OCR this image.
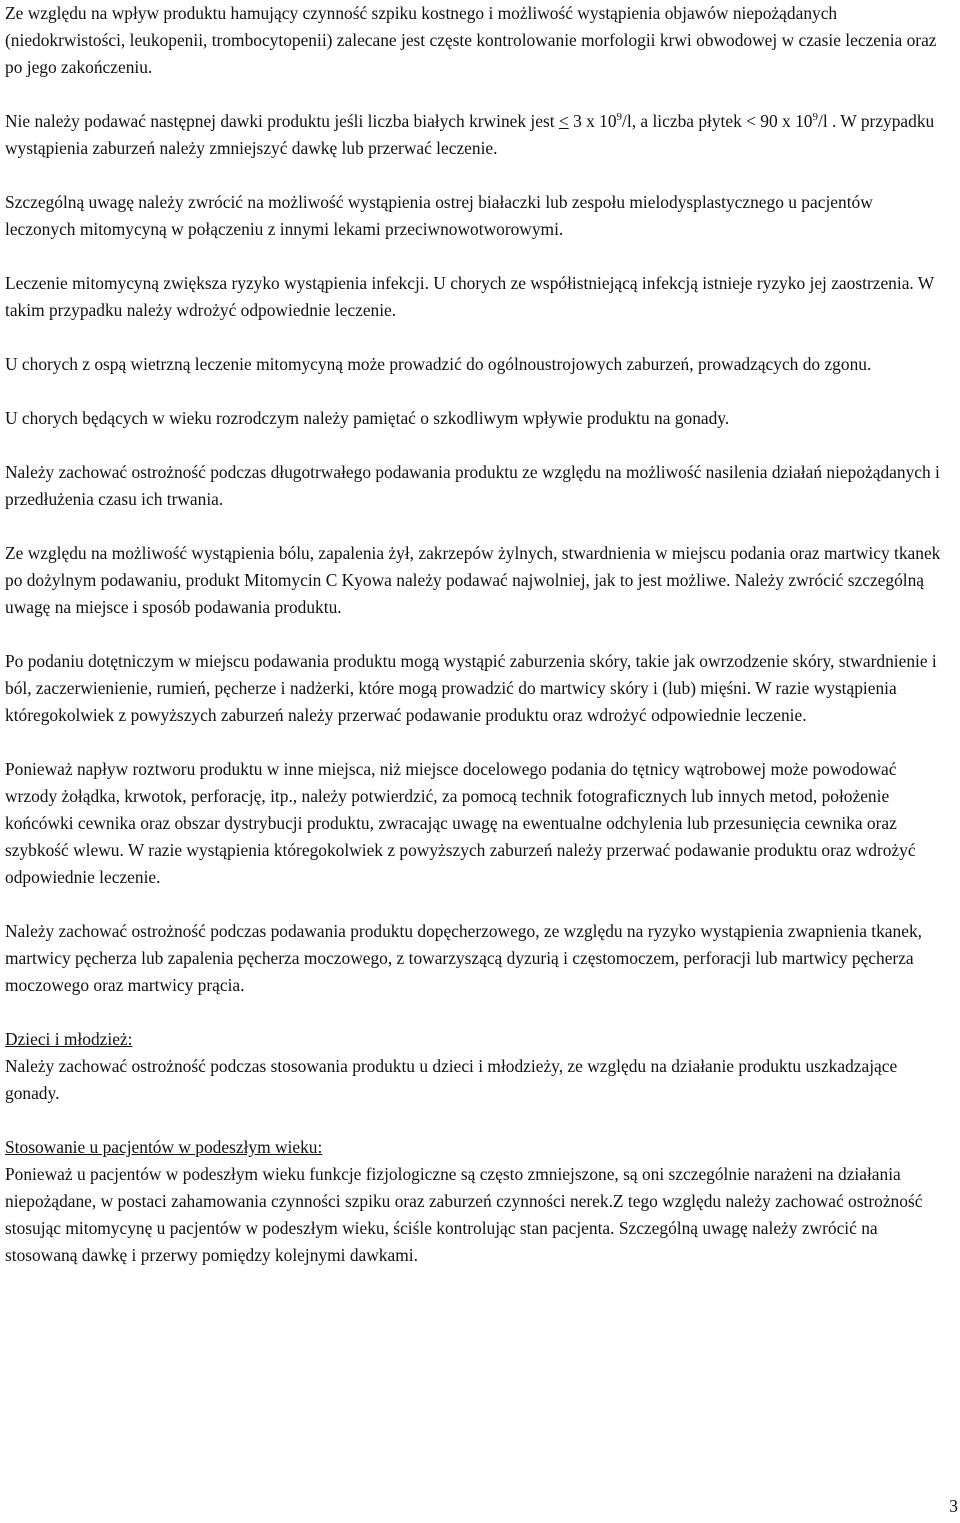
Ze względu na wpływ produktu hamujący czynność szpiku kostnego i możliwość wystąpienia objawów niepożądanych (niedokrwistości, leukopenii, trombocytopenii) zalecane jest częste kontrolowanie morfologii krwi obwodowej w czasie leczenia oraz po jego zakończeniu.

Nie należy podawać następnej dawki produktu jeśli liczba białych krwinek jest ≤ 3 x $10^9/l$, a liczba płytek < 90 x $10^9/l$ . W przypadku wystąpienia zaburzeń należy zmniejszyć dawkę lub przerwać leczenie.

Szczególną uwagę należy zwrócić na możliwość wystąpienia ostrej białaczki lub zespołu mielodysplastycznego u pacjentów leczonych mitomycyną w połączeniu z innymi lekami przeciwnowotworowymi.

Leczenie mitomycyną zwiększa ryzyko wystąpienia infekcji. U chorych ze współistniejącą infekcją istnieje ryzyko jej zaostrzenia. W takim przypadku należy wdrożyć odpowiednie leczenie.

U chorych z ospą wietrzną leczenie mitomycyną może prowadzić do ogólnoustrojowych zaburzeń, prowadzących do zgonu.

U chorych będących w wieku rozrodczym należy pamiętać o szkodliwym wpływie produktu na gonady.

Należy zachować ostrożność podczas długotrwałego podawania produktu ze względu na możliwość nasilenia działań niepożądanych i przedłużenia czasu ich trwania.

Ze względu na możliwość wystąpienia bólu, zapalenia żył, zakrzepów żylnych, stwardnienia w miejscu podania oraz martwicy tkanek po dożylnym podawaniu, produkt Mitomycin C Kyowa należy podawać najwolniej, jak to jest możliwe. Należy zwrócić szczególną uwagę na miejsce i sposób podawania produktu.

Po podaniu dotętniczym w miejscu podawania produktu mogą wystąpić zaburzenia skóry, takie jak owrzodzenie skóry, stwardnienie i ból, zaczerwienienie, rumień, pęcherze i nadżerki, które mogą prowadzić do martwicy skóry i (lub) mięśni. W razie wystąpienia któregokolwiek z powyższych zaburzeń należy przerwać podawanie produktu oraz wdrożyć odpowiednie leczenie.

Ponieważ napływ roztworu produktu w inne miejsca, niż miejsce docelowego podania do tętnicy wątrobowej może powodować wrzody żołądka, krwotok, perforację, itp., należy potwierdzić, za pomocą technik fotograficznych lub innych metod, położenie końcówki cewnika oraz obszar dystrybucji produktu, zwracając uwagę na ewentualne odchylenia lub przesunięcia cewnika oraz szybkość wlewu. W razie wystąpienia któregokolwiek z powyższych zaburzeń należy przerwać podawanie produktu oraz wdrożyć odpowiednie leczenie.

Należy zachować ostrożność podczas podawania produktu dopęcherzowego, ze względu na ryzyko wystąpienia zwapnienia tkanek, martwicy pęcherza lub zapalenia pęcherza moczowego, z towarzyszącą dyzurią i częstomoczem, perforacji lub martwicy pęcherza moczowego oraz martwicy prącia.

Dzieci i młodzież:

Należy zachować ostrożność podczas stosowania produktu u dzieci i młodzieży, ze względu na działanie produktu uszkadzające gonady.

Stosowanie u pacjentów w podeszłym wieku:

Ponieważ u pacjentów w podeszłym wieku funkcje fizjologiczne są często zmniejszone, są oni szczególnie narażeni na działania niepożądane, w postaci zahamowania czynności szpiku oraz zaburzeń czynności nerek.Z tego względu należy zachować ostrożność stosując mitomycynę u pacjentów w podeszłym wieku, ściśle kontrolując stan pacjenta. Szczególną uwagę należy zwrócić na stosowaną dawkę i przerwy pomiędzy kolejnymi dawkami.

3
